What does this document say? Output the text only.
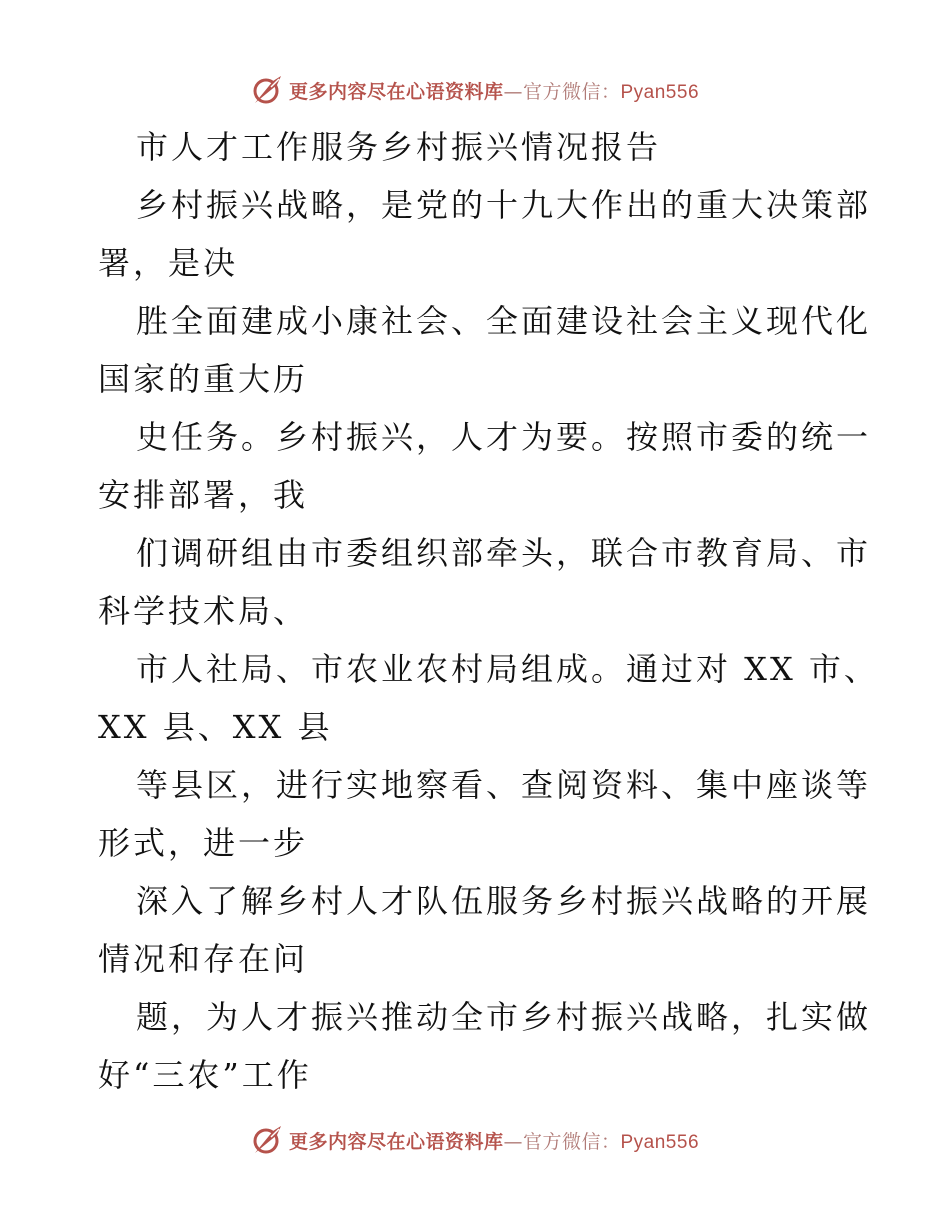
更多内容尽在心语资料库—官方微信：Pyan556
市人才工作服务乡村振兴情况报告
乡村振兴战略，是党的十九大作出的重大决策部
署，是决
胜全面建成小康社会、全面建设社会主义现代化
国家的重大历
史任务。乡村振兴，人才为要。按照市委的统一
安排部署，我
们调研组由市委组织部牵头，联合市教育局、市
科学技术局、
市人社局、市农业农村局组成。通过对 XX 市、
XX 县、XX 县
等县区，进行实地察看、查阅资料、集中座谈等
形式，进一步
深入了解乡村人才队伍服务乡村振兴战略的开展
情况和存在问
题，为人才振兴推动全市乡村振兴战略，扎实做
好“三农”工作
更多内容尽在心语资料库—官方微信：Pyan556
